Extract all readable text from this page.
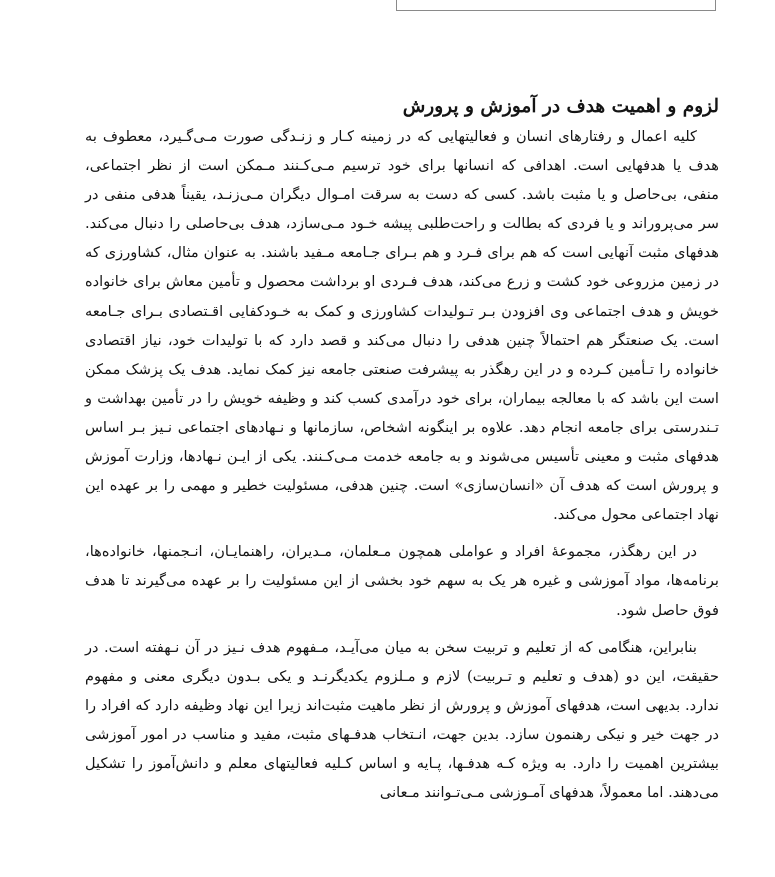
لزوم و اهمیت هدف در آموزش و پرورش

کلیه اعمال و رفتارهای انسان و فعالیتهایی که در زمینه کـار و زنـدگی صورت مـی‌گـیرد، معطوف به هدف یا هدفهایی است. اهدافی که انسانها برای خود ترسیم مـی‌کـنند مـمکن است از نظر اجتماعی، منفی، بی‌حاصل و یا مثبت باشد. کسی که دست به سرقت امـوال دیگران مـی‌زنـد، یقیناً هدفی منفی در سر می‌پروراند و یا فردی که بطالت و راحت‌طلبی پیشه خـود مـی‌سازد، هدف بی‌حاصلی را دنبال می‌کند. هدفهای مثبت آنهایی است که هم برای فـرد و هم بـرای جـامعه مـفید باشند. به عنوان مثال، کشاورزی که در زمین مزروعی خود کشت و زرع می‌کند، هدف فـردی او برداشت محصول و تأمین معاش برای خانواده خویش و هدف اجتماعی وی افزودن بـر تـولیدات کشاورزی و کمک به خـودکفایی اقـتصادی بـرای جـامعه است. یک صنعتگر هم احتمالاً چنین هدفی را دنبال می‌کند و قصد دارد که با تولیدات خود، نیاز اقتصادی خانواده را تـأمین کـرده و در این رهگذر به پیشرفت صنعتی جامعه نیز کمک نماید. هدف یک پزشک ممکن است این باشد که با معالجه بیماران، برای خود درآمدی کسب کند و وظیفه خویش را در تأمین بهداشت و تـندرستی برای جامعه انجام دهد. علاوه بر اینگونه اشخاص، سازمانها و نـهادهای اجتماعی نـیز بـر اساس هدفهای مثبت و معینی تأسیس می‌شوند و به جامعه خدمت مـی‌کـنند. یکی از ایـن نـهادها، وزارت آموزش و پرورش است که هدف آن «انسان‌سازی» است. چنین هدفی، مسئولیت خطیر و مهمی را بر عهده این نهاد اجتماعی محول می‌کند.

در این رهگذر، مجموعهٔ افراد و عواملی همچون مـعلمان، مـدیران، راهنمایـان، انـجمنها، خانواده‌ها، برنامه‌ها، مواد آموزشی و غیره هر یک به سهم خود بخشی از این مسئولیت را بر عهده می‌گیرند تا هدف فوق حاصل شود.

بنابراین، هنگامی که از تعلیم و تربیت سخن به میان می‌آیـد، مـفهوم هدف نـیز در آن نـهفته است. در حقیقت، این دو (هدف و تعلیم و تـربیت) لازم و مـلزوم یکدیگرنـد و یکی بـدون دیگری معنی و مفهوم ندارد. بدیهی است، هدفهای آموزش و پرورش از نظر ماهیت مثبت‌اند زیرا این نهاد وظیفه دارد که افراد را در جهت خیر و نیکی رهنمون سازد. بدین جهت، انـتخاب هدفـهای مثبت، مفید و مناسب در امور آموزشی بیشترین اهمیت را دارد. به ویژه کـه هدفـها، پـایه و اساس کـلیه فعالیتهای معلم و دانش‌آموز را تشکیل می‌دهند. اما معمولاً، هدفهای آمـوزشی مـی‌تـوانند مـعانی
